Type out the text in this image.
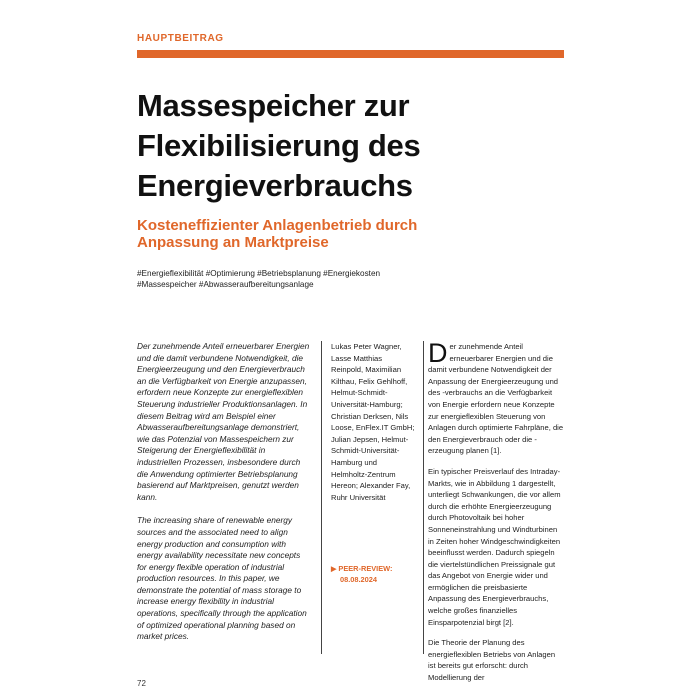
HAUPTBEITRAG
Massespeicher zur
Flexibilisierung des
Energieverbrauchs
Kosteneffizienter Anlagenbetrieb durch
Anpassung an Marktpreise
#Energieflexibilität #Optimierung #Betriebsplanung #Energiekosten
#Massespeicher #Abwasseraufbereitungsanlage

Der zunehmende Anteil erneuerbarer Energien und die damit verbundene Notwendigkeit, die Energieerzeugung und den Energieverbrauch an die Verfügbarkeit von Energie anzupassen, erfordern neue Konzepte zur energieflexiblen Steuerung industrieller Produktionsanlagen. In diesem Beitrag wird am Beispiel einer Abwasseraufbereitungsanlage demonstriert, wie das Potenzial von Massespeichern zur Steigerung der Energieflexibilität in industriellen Prozessen, insbesondere durch die Anwendung optimierter Betriebsplanung basierend auf Marktpreisen, genutzt werden kann.

The increasing share of renewable energy sources and the associated need to align energy production and consumption with energy availability necessitate new concepts for energy flexible operation of industrial production resources. In this paper, we demonstrate the potential of mass storage to increase energy flexibility in industrial operations, specifically through the application of optimized operational planning based on market prices.

Lukas Peter Wagner, Lasse Matthias Reinpold, Maximilian Kilthau, Felix Gehlhoff, Helmut-Schmidt-Universität-Hamburg; Christian Derksen, Nils Loose, EnFlex.IT GmbH; Julian Jepsen, Helmut-Schmidt-Universität-Hamburg und Helmholtz-Zentrum Hereon; Alexander Fay, Ruhr Universität
▶ PEER-REVIEW:
08.08.2024

Der zunehmende Anteil erneuerbarer Energien und die damit verbundene Notwendigkeit der Anpassung der Energieerzeugung und des -verbrauchs an die Verfügbarkeit von Energie erfordern neue Konzepte zur energieflexiblen Steuerung von Anlagen durch optimierte Fahrpläne, die den Energieverbrauch oder die -erzeugung planen [1].

Ein typischer Preisverlauf des Intraday-Markts, wie in Abbildung 1 dargestellt, unterliegt Schwankungen, die vor allem durch die erhöhte Energieerzeugung durch Photovoltaik bei hoher Sonneneinstrahlung und Windturbinen in Zeiten hoher Windgeschwindigkeiten beeinflusst werden. Dadurch spiegeln die viertelstündlichen Preissignale gut das Angebot von Energie wider und ermöglichen die preisbasierte Anpassung des Energieverbrauchs, welche großes finanzielles Einsparpotenzial birgt [2].

Die Theorie der Planung des energieflexiblen Betriebs von Anlagen ist bereits gut erforscht: durch Modellierung der

72
